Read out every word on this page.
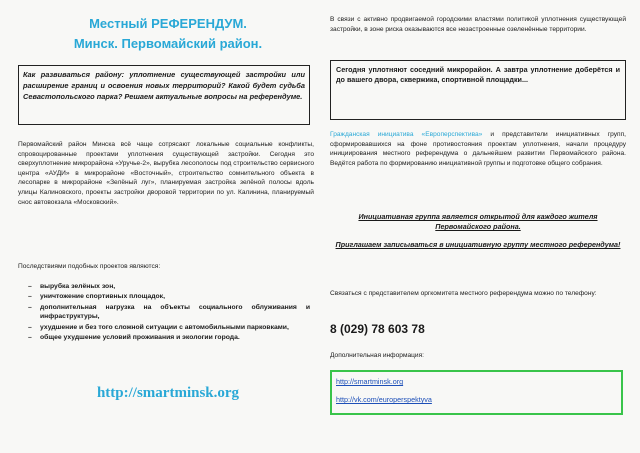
Местный РЕФЕРЕНДУМ.
Минск. Первомайский район.
Как развиваться району: уплотнение существующей застройки или расширение границ и освоения новых территорий? Какой будет судьба Севастопольского парка? Решаем актуальные вопросы на референдуме.
Первомайский район Минска всё чаще сотрясают локальные социальные конфликты, спровоцированные проектами уплотнения существующей застройки. Сегодня это сверхуплотнение микрорайона «Уручье-2», вырубка лесополосы под строительство сервисного центра «АУДИ» в микрорайоне «Восточный», строительство сомнительного объекта в лесопарке в микрорайоне «Зелёный луг», планируемая застройка зелёной полосы вдоль улицы Калиновского, проекты застройки дворовой территории по ул. Калинина, планируемый снос автовокзала «Московский».
Последствиями подобных проектов являются:
– вырубка зелёных зон,
– уничтожение спортивных площадок,
– дополнительная нагрузка на объекты социального облуживания и инфраструктуры,
– ухудшение и без того сложной ситуации с автомобильными парковками,
– общее ухудшение условий проживания и экологии города.
http://smartminsk.org
В связи с активно продвигаемой городскими властями политикой уплотнения существующей застройки, в зоне риска оказываются все незастроенные озеленённые территории.
Сегодня уплотняют соседний микрорайон. А завтра уплотнение доберётся и до вашего двора, сквержика, спортивной площадки...
Гражданская инициатива «Европерспектива» и представители инициативных групп, сформировавшихся на фоне противостояния проектам уплотнения, начали процедуру инициирования местного референдума о дальнейшем развитии Первомайского района. Ведётся работа по формированию инициативной группы и подготовке общего собрания.
Инициативная группа является открытой для каждого жителя Первомайского района.
Приглашаем записываться в инициативную группу местного референдума!
Связаться с представителем оргкомитета местного референдума можно по телефону:
8 (029) 78 603 78
Дополнительная информация:
http://smartminsk.org
http://vk.com/europerspektyva
